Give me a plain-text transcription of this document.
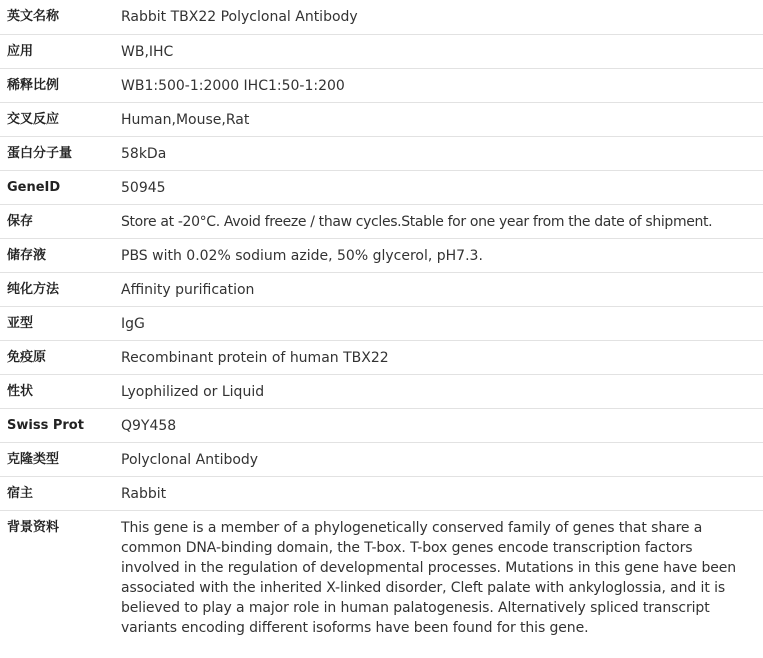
英文名称	Rabbit TBX22 Polyclonal Antibody
应用	WB,IHC
稀释比例	WB1:500-1:2000 IHC1:50-1:200
交叉反应	Human,Mouse,Rat
蛋白分子量	58kDa
GeneID	50945
保存	Store at -20°C. Avoid freeze / thaw cycles.Stable for one year from the date of shipment.
储存液	PBS with 0.02% sodium azide, 50% glycerol, pH7.3.
纯化方法	Affinity purification
亚型	IgG
免疫原	Recombinant protein of human TBX22
性状	Lyophilized or Liquid
Swiss Prot	Q9Y458
克隆类型	Polyclonal Antibody
宿主	Rabbit
背景资料	This gene is a member of a phylogenetically conserved family of genes that share a common DNA-binding domain, the T-box. T-box genes encode transcription factors involved in the regulation of developmental processes. Mutations in this gene have been associated with the inherited X-linked disorder, Cleft palate with ankyloglossia, and it is believed to play a major role in human palatogenesis. Alternatively spliced transcript variants encoding different isoforms have been found for this gene.
